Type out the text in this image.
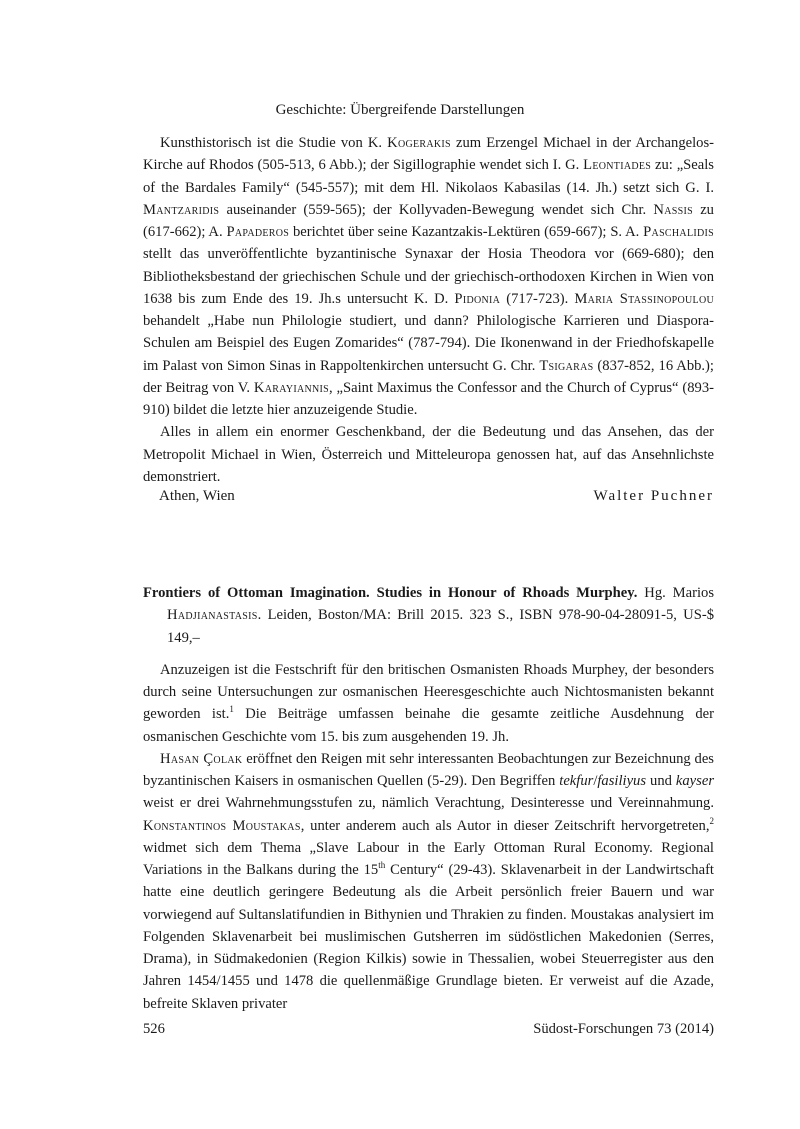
Geschichte: Übergreifende Darstellungen

Kunsthistorisch ist die Studie von K. Kogerakis zum Erzengel Michael in der Archangelos-Kirche auf Rhodos (505-513, 6 Abb.); der Sigillographie wendet sich I. G. Leontiades zu: „Seals of the Bardales Family“ (545-557); mit dem Hl. Nikolaos Kabasilas (14. Jh.) setzt sich G. I. Mantzaridis auseinander (559-565); der Kollyvaden-Bewegung wendet sich Chr. Nassis zu (617-662); A. Papaderos berichtet über seine Kazantzakis-Lektüren (659-667); S. A. Paschalidis stellt das unveröffentlichte byzantinische Synaxar der Hosia Theodora vor (669-680); den Bibliotheksbestand der griechischen Schule und der griechisch-orthodoxen Kirchen in Wien von 1638 bis zum Ende des 19. Jh.s untersucht K. D. Pidonia (717-723). Maria Stassinopoulou behandelt „Habe nun Philologie studiert, und dann? Philologische Karrieren und Diaspora-Schulen am Beispiel des Eugen Zomarides“ (787-794). Die Ikonenwand in der Friedhofskapelle im Palast von Simon Sinas in Rappoltenkirchen untersucht G. Chr. Tsigaras (837-852, 16 Abb.); der Beitrag von V. Karayiannis, „Saint Maximus the Confessor and the Church of Cyprus“ (893-910) bildet die letzte hier anzuzeigende Studie.

Alles in allem ein enormer Geschenkband, der die Bedeutung und das Ansehen, das der Metropolit Michael in Wien, Österreich und Mitteleuropa genossen hat, auf das Ansehnlichste demonstriert.

Athen, Wien	Walter Puchner

Frontiers of Ottoman Imagination. Studies in Honour of Rhoads Murphey. Hg. Marios Hadjianastasis. Leiden, Boston/MA: Brill 2015. 323 S., ISBN 978-90-04-28091-5, US-$ 149,–

Anzuzeigen ist die Festschrift für den britischen Osmanisten Rhoads Murphey, der besonders durch seine Untersuchungen zur osmanischen Heeresgeschichte auch Nichtosmanisten bekannt geworden ist.$^1$ Die Beiträge umfassen beinahe die gesamte zeitliche Ausdehnung der osmanischen Geschichte vom 15. bis zum ausgehenden 19. Jh.

Hasan Çolak eröffnet den Reigen mit sehr interessanten Beobachtungen zur Bezeichnung des byzantinischen Kaisers in osmanischen Quellen (5-29). Den Begriffen tekfur/fasiliyus und kayser weist er drei Wahrnehmungsstufen zu, nämlich Verachtung, Desinteresse und Vereinnahmung. Konstantinos Moustakas, unter anderem auch als Autor in dieser Zeitschrift hervorgetreten,$^2$ widmet sich dem Thema „Slave Labour in the Early Ottoman Rural Economy. Regional Variations in the Balkans during the 15th Century“ (29-43). Sklavenarbeit in der Landwirtschaft hatte eine deutlich geringere Bedeutung als die Arbeit persönlich freier Bauern und war vorwiegend auf Sultanslatifundien in Bithynien und Thrakien zu finden. Moustakas analysiert im Folgenden Sklavenarbeit bei muslimischen Gutsherren im südöstlichen Makedonien (Serres, Drama), in Südmakedonien (Region Kilkis) sowie in Thessalien, wobei Steuerregister aus den Jahren 1454/1455 und 1478 die quellenmäßige Grundlage bieten. Er verweist auf die Azade, befreite Sklaven privater

526	Südost-Forschungen 73 (2014)
